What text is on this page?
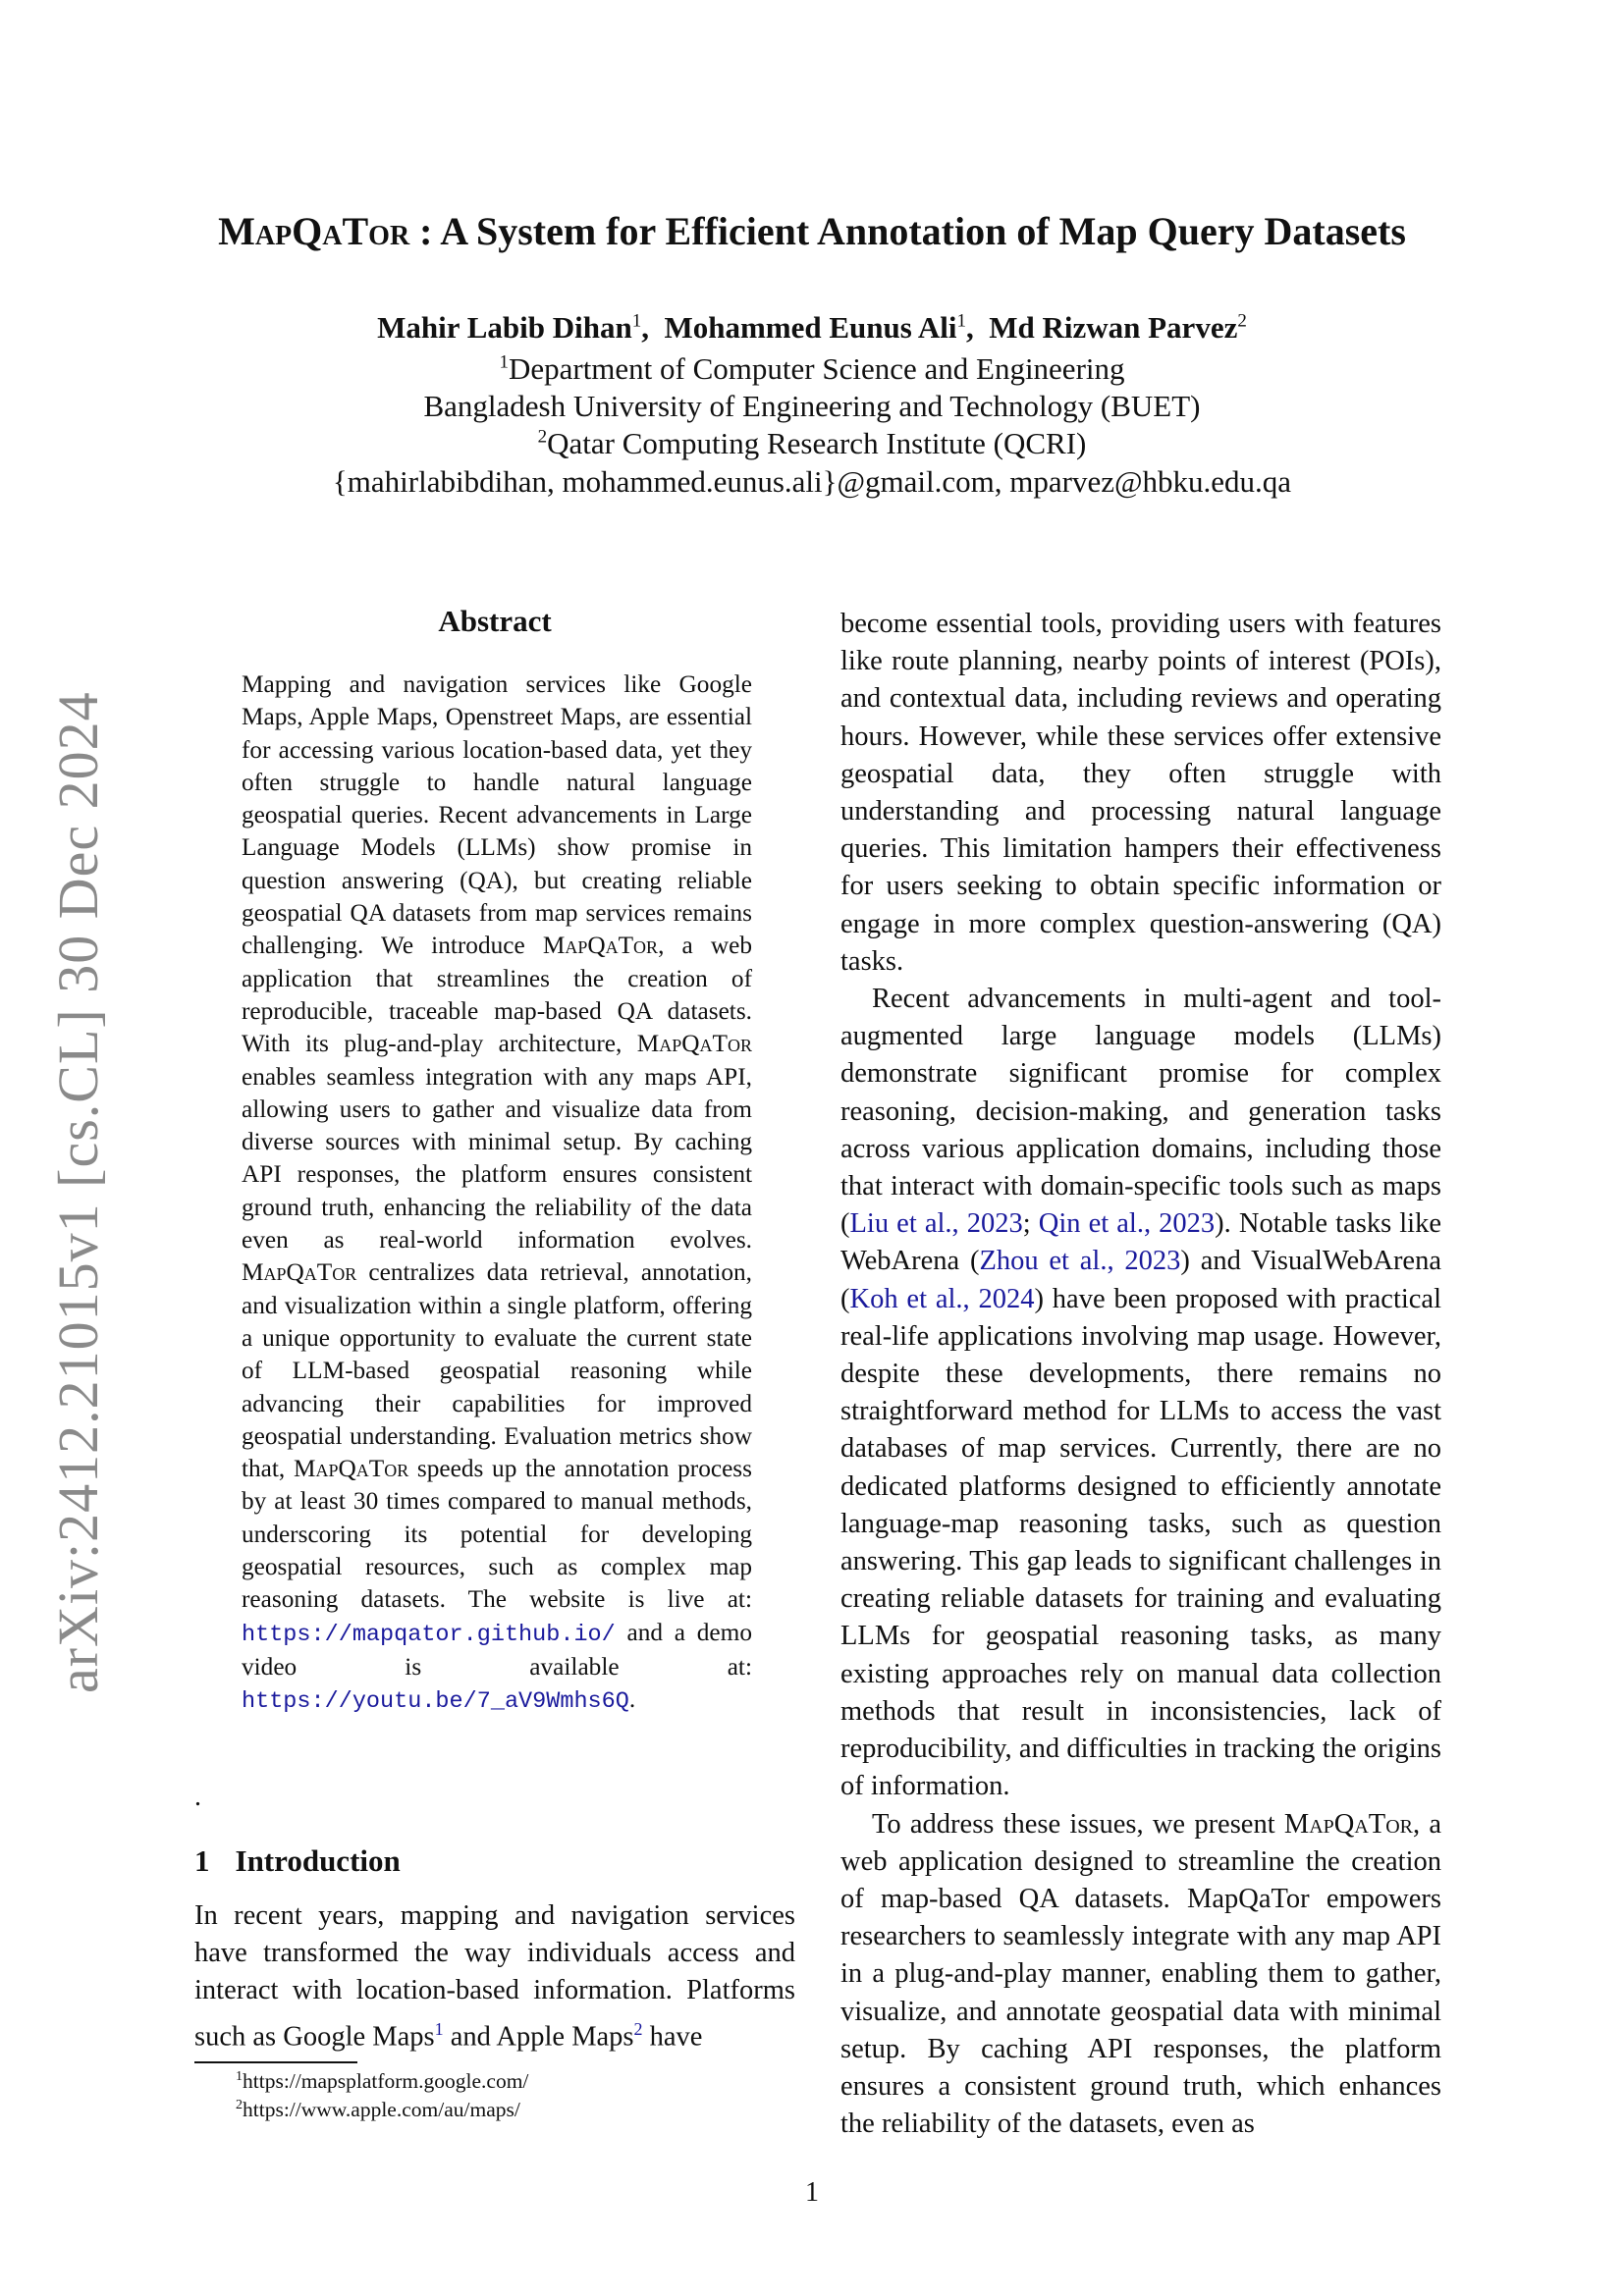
arXiv:2412.21015v1 [cs.CL] 30 Dec 2024
MapQaTor : A System for Efficient Annotation of Map Query Datasets
Mahir Labib Dihan$^1$,  Mohammed Eunus Ali$^1$,  Md Rizwan Parvez$^2$
$^1$Department of Computer Science and Engineering
Bangladesh University of Engineering and Technology (BUET)
$^2$Qatar Computing Research Institute (QCRI)
{mahirlabibdihan, mohammed.eunus.ali}@gmail.com, mparvez@hbku.edu.qa
Abstract
Mapping and navigation services like Google Maps, Apple Maps, Openstreet Maps, are essential for accessing various location-based data, yet they often struggle to handle natural language geospatial queries. Recent advancements in Large Language Models (LLMs) show promise in question answering (QA), but creating reliable geospatial QA datasets from map services remains challenging. We introduce MapQaTor, a web application that streamlines the creation of reproducible, traceable map-based QA datasets. With its plug-and-play architecture, MapQaTor enables seamless integration with any maps API, allowing users to gather and visualize data from diverse sources with minimal setup. By caching API responses, the platform ensures consistent ground truth, enhancing the reliability of the data even as real-world information evolves. MapQaTor centralizes data retrieval, annotation, and visualization within a single platform, offering a unique opportunity to evaluate the current state of LLM-based geospatial reasoning while advancing their capabilities for improved geospatial understanding. Evaluation metrics show that, MapQaTor speeds up the annotation process by at least 30 times compared to manual methods, underscoring its potential for developing geospatial resources, such as complex map reasoning datasets. The website is live at: https://mapqator.github.io/ and a demo video is available at: https://youtu.be/7_aV9Wmhs6Q.
.
1 Introduction

In recent years, mapping and navigation services have transformed the way individuals access and interact with location-based information. Platforms such as Google Maps$^1$ and Apple Maps$^2$ have

$^1$https://mapsplatform.google.com/
$^2$https://www.apple.com/au/maps/

become essential tools, providing users with features like route planning, nearby points of interest (POIs), and contextual data, including reviews and operating hours. However, while these services offer extensive geospatial data, they often struggle with understanding and processing natural language queries. This limitation hampers their effectiveness for users seeking to obtain specific information or engage in more complex question-answering (QA) tasks.

Recent advancements in multi-agent and tool-augmented large language models (LLMs) demonstrate significant promise for complex reasoning, decision-making, and generation tasks across various application domains, including those that interact with domain-specific tools such as maps (Liu et al., 2023; Qin et al., 2023). Notable tasks like WebArena (Zhou et al., 2023) and VisualWebArena (Koh et al., 2024) have been proposed with practical real-life applications involving map usage. However, despite these developments, there remains no straightforward method for LLMs to access the vast databases of map services. Currently, there are no dedicated platforms designed to efficiently annotate language-map reasoning tasks, such as question answering. This gap leads to significant challenges in creating reliable datasets for training and evaluating LLMs for geospatial reasoning tasks, as many existing approaches rely on manual data collection methods that result in inconsistencies, lack of reproducibility, and difficulties in tracking the origins of information.

To address these issues, we present MapQaTor, a web application designed to streamline the creation of map-based QA datasets. MapQaTor empowers researchers to seamlessly integrate with any map API in a plug-and-play manner, enabling them to gather, visualize, and annotate geospatial data with minimal setup. By caching API responses, the platform ensures a consistent ground truth, which enhances the reliability of the datasets, even as

1
